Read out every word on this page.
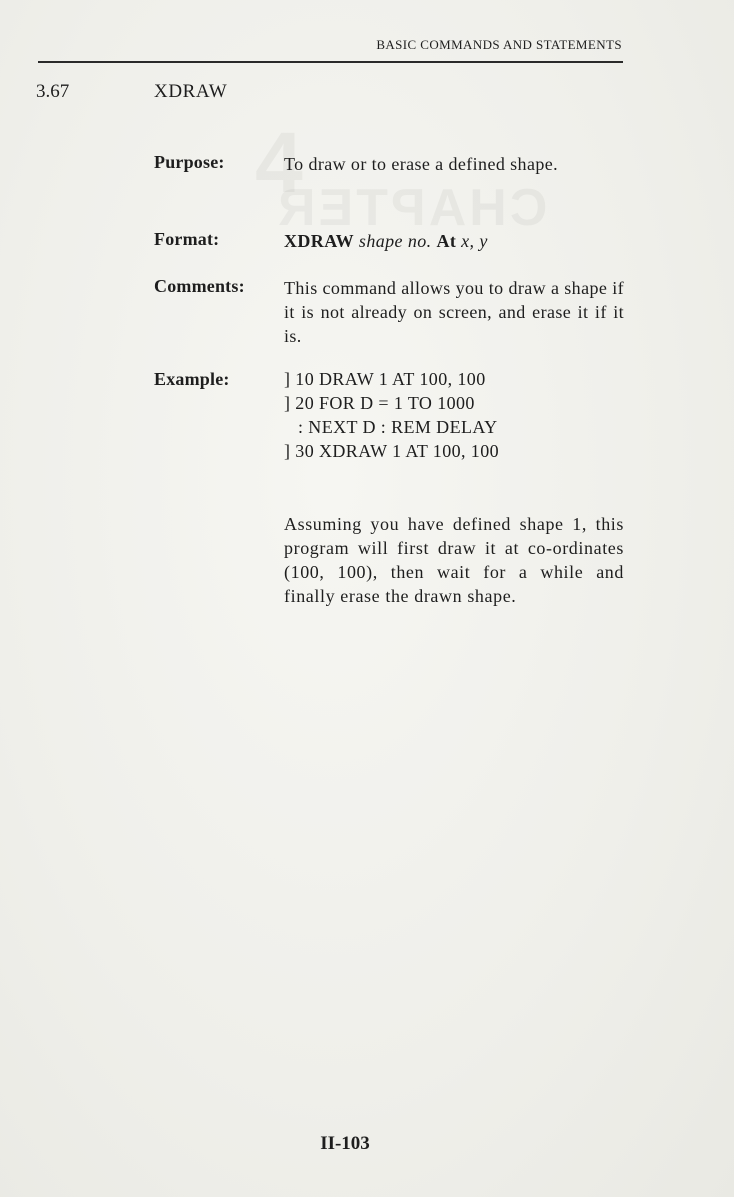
BASIC COMMANDS AND STATEMENTS
3.67	XDRAW
Purpose:	To draw or to erase a defined shape.
Format:	XDRAW shape no. At x, y
Comments: This command allows you to draw a shape if it is not already on screen, and erase it if it is.
Example:	] 10 DRAW 1 AT 100, 100
] 20 FOR D = 1 TO 1000
: NEXT D : REM DELAY
] 30 XDRAW 1 AT 100, 100
Assuming you have defined shape 1, this program will first draw it at co-ordinates (100, 100), then wait for a while and finally erase the drawn shape.
II-103
